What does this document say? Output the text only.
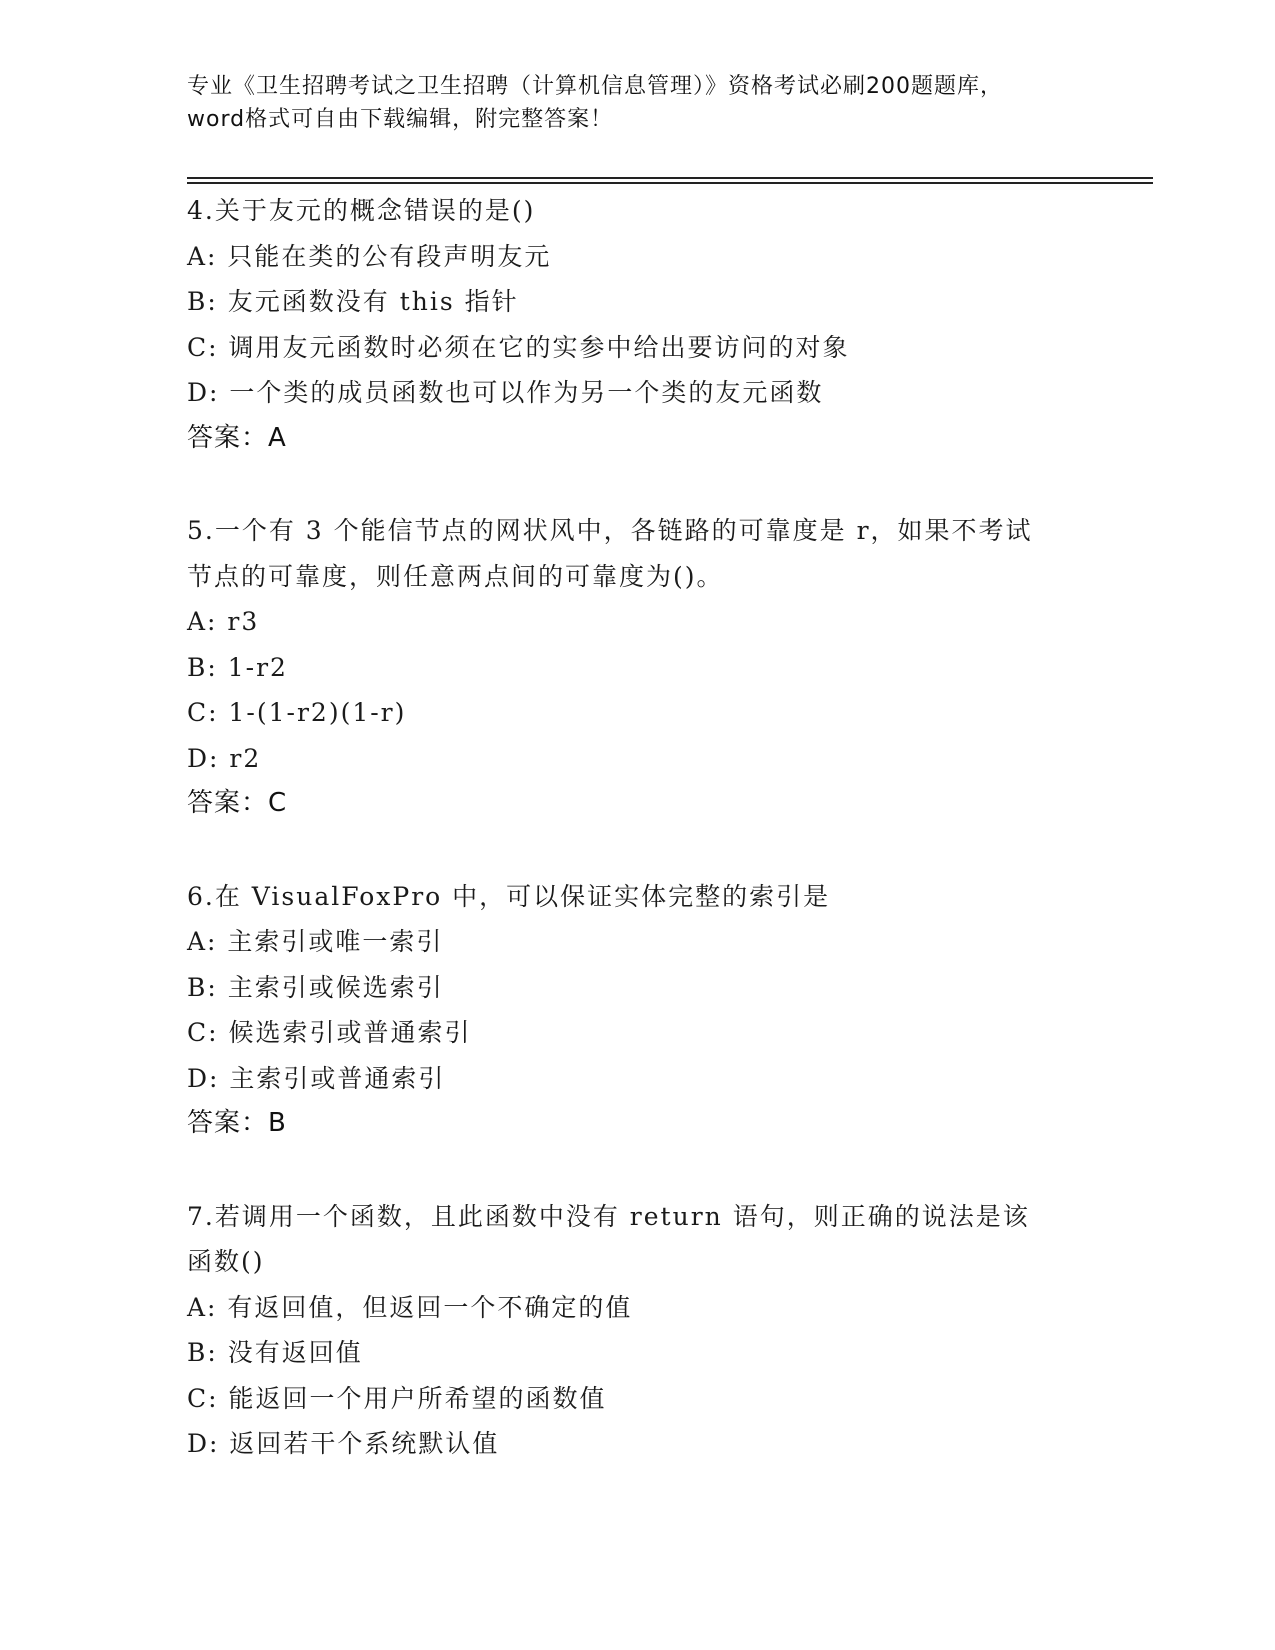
专业《卫生招聘考试之卫生招聘（计算机信息管理）》资格考试必刷200题题库，
word格式可自由下载编辑，附完整答案！
4.关于友元的概念错误的是()
A: 只能在类的公有段声明友元
B: 友元函数没有 this 指针
C: 调用友元函数时必须在它的实参中给出要访问的对象
D: 一个类的成员函数也可以作为另一个类的友元函数
答案：A
5.一个有 3 个能信节点的网状风中，各链路的可靠度是 r，如果不考试
节点的可靠度，则任意两点间的可靠度为()。
A: r3
B: 1-r2
C: 1-(1-r2)(1-r)
D: r2
答案：C
6.在 VisualFoxPro 中，可以保证实体完整的索引是
A: 主索引或唯一索引
B: 主索引或候选索引
C: 候选索引或普通索引
D: 主索引或普通索引
答案：B
7.若调用一个函数，且此函数中没有 return 语句，则正确的说法是该
函数()
A: 有返回值，但返回一个不确定的值
B: 没有返回值
C: 能返回一个用户所希望的函数值
D: 返回若干个系统默认值
